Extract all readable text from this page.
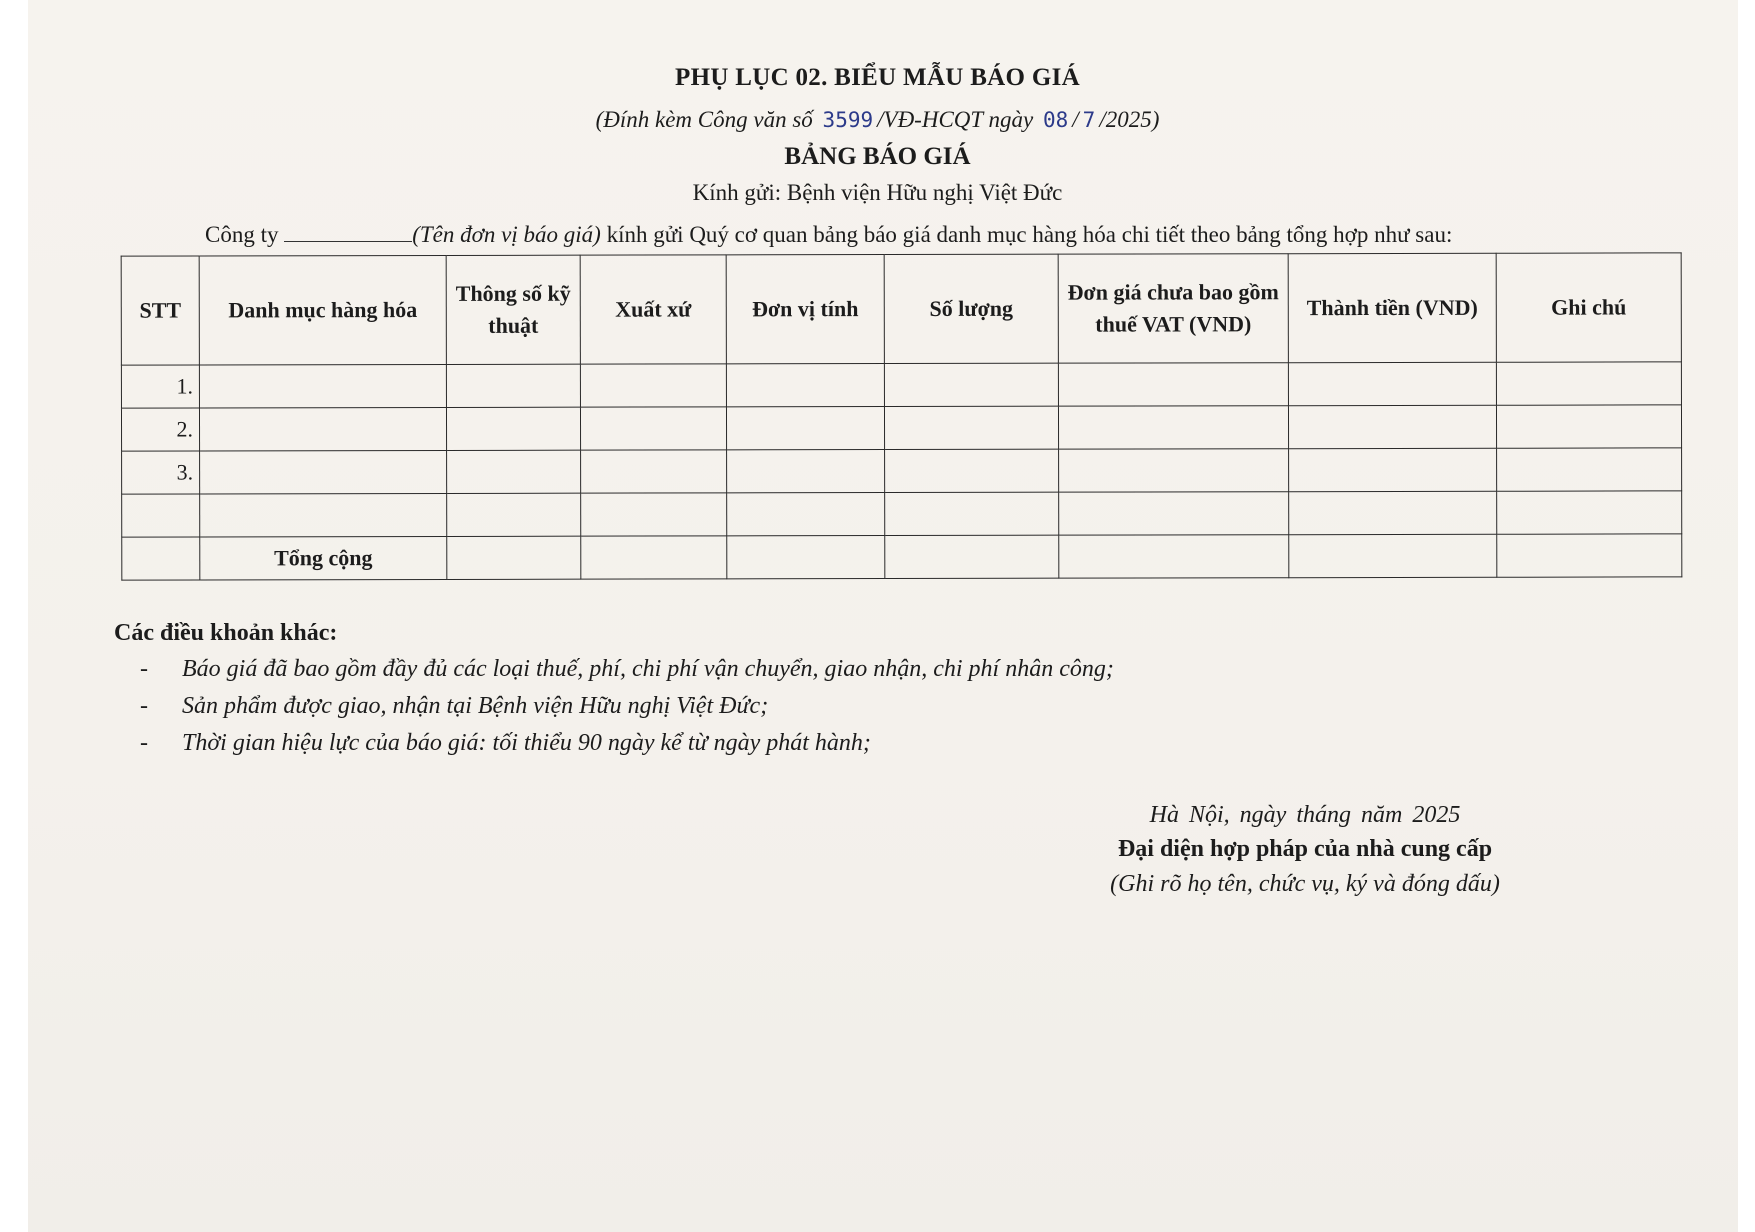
PHỤ LỤC 02. BIỂU MẪU BÁO GIÁ
(Đính kèm Công văn số 3599 /VĐ-HCQT ngày 08 / 7 /2025)
BẢNG BÁO GIÁ
Kính gửi: Bệnh viện Hữu nghị Việt Đức
Công ty	(Tên đơn vị báo giá) kính gửi Quý cơ quan bảng báo giá danh mục hàng hóa chi tiết theo bảng tổng hợp như sau:
STT	Danh mục hàng hóa	Thông số kỹ thuật	Xuất xứ	Đơn vị tính	Số lượng	Đơn giá chưa bao gồm thuế VAT (VND)	Thành tiền (VND)	Ghi chú
1.								
2.								
3.								

	Tổng cộng							
Các điều khoản khác:
- Báo giá đã bao gồm đầy đủ các loại thuế, phí, chi phí vận chuyển, giao nhận, chi phí nhân công;
- Sản phẩm được giao, nhận tại Bệnh viện Hữu nghị Việt Đức;
- Thời gian hiệu lực của báo giá: tối thiểu 90 ngày kể từ ngày phát hành;
Hà Nội, ngày tháng năm 2025
Đại diện hợp pháp của nhà cung cấp
(Ghi rõ họ tên, chức vụ, ký và đóng dấu)
